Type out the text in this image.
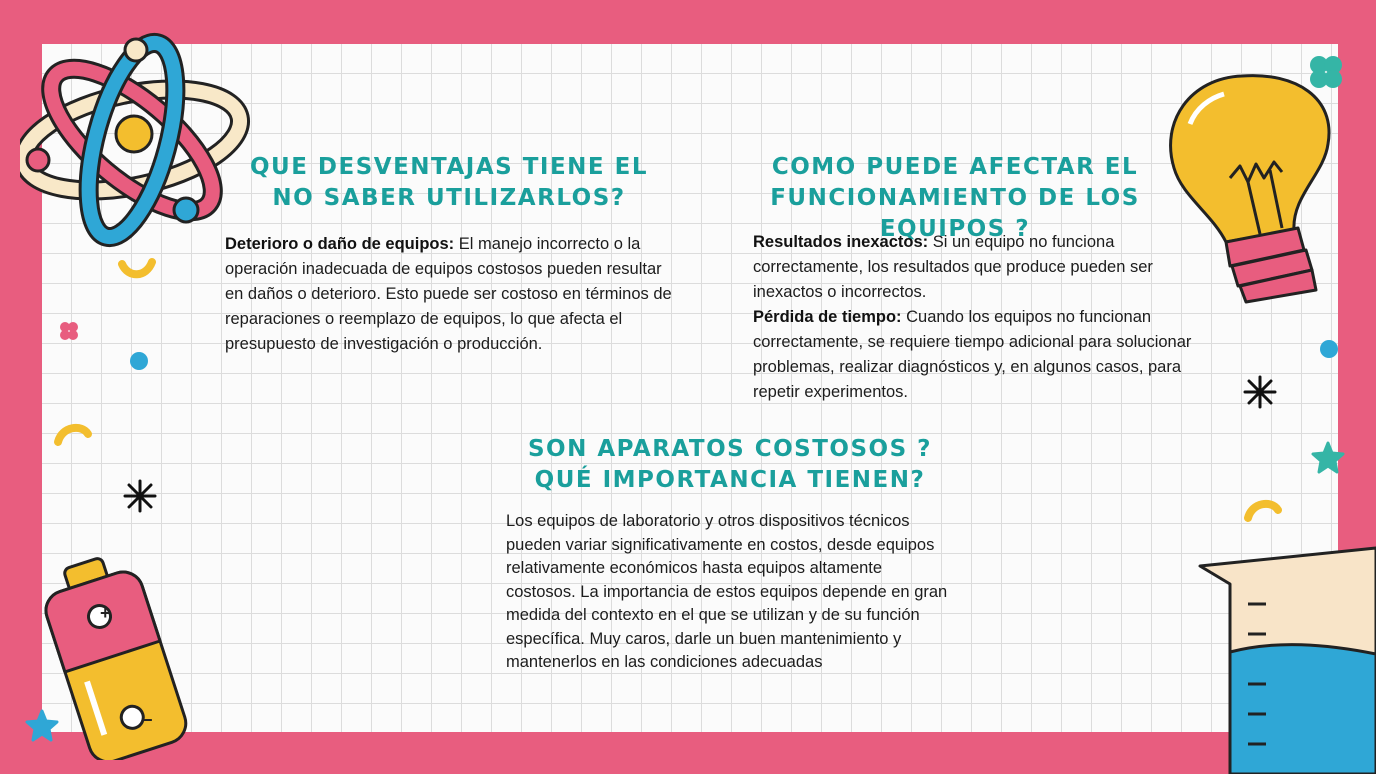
QUE DESVENTAJAS TIENE EL NO SABER UTILIZARLOS?

Deterioro o daño de equipos: El manejo incorrecto o la operación inadecuada de equipos costosos pueden resultar en daños o deterioro. Esto puede ser costoso en términos de reparaciones o reemplazo de equipos, lo que afecta el presupuesto de investigación o producción.

COMO PUEDE AFECTAR EL FUNCIONAMIENTO DE LOS EQUIPOS ?

Resultados inexactos: Si un equipo no funciona correctamente, los resultados que produce pueden ser inexactos o incorrectos.
Pérdida de tiempo: Cuando los equipos no funcionan correctamente, se requiere tiempo adicional para solucionar problemas, realizar diagnósticos y, en algunos casos, para repetir experimentos.

SON APARATOS COSTOSOS ? QUÉ IMPORTANCIA TIENEN?

Los equipos de laboratorio y otros dispositivos técnicos pueden variar significativamente en costos, desde equipos relativamente económicos hasta equipos altamente costosos. La importancia de estos equipos depende en gran medida del contexto en el que se utilizan y de su función específica. Muy caros, darle un buen mantenimiento y mantenerlos en las condiciones adecuadas

+
−
